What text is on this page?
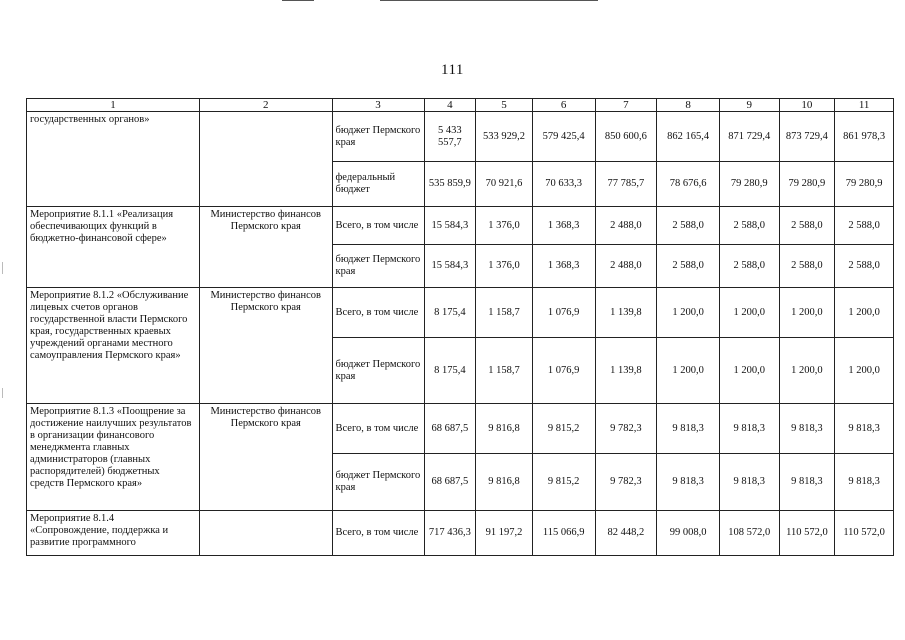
111
1	2	3	4	5	6	7	8	9	10	11
государственных органов»		бюджет Пермского края	5 433 557,7	533 929,2	579 425,4	850 600,6	862 165,4	871 729,4	873 729,4	861 978,3
		федеральный бюджет	535 859,9	70 921,6	70 633,3	77 785,7	78 676,6	79 280,9	79 280,9	79 280,9
Мероприятие 8.1.1 «Реализация обеспечивающих функций в бюджетно-финансовой сфере»	Министерство финансов Пермского края	Всего, в том числе	15 584,3	1 376,0	1 368,3	2 488,0	2 588,0	2 588,0	2 588,0	2 588,0
		бюджет Пермского края	15 584,3	1 376,0	1 368,3	2 488,0	2 588,0	2 588,0	2 588,0	2 588,0
Мероприятие 8.1.2 «Обслуживание лицевых счетов органов государственной власти Пермского края, государственных краевых учреждений органами местного самоуправления Пермского края»	Министерство финансов Пермского края	Всего, в том числе	8 175,4	1 158,7	1 076,9	1 139,8	1 200,0	1 200,0	1 200,0	1 200,0
		бюджет Пермского края	8 175,4	1 158,7	1 076,9	1 139,8	1 200,0	1 200,0	1 200,0	1 200,0
Мероприятие 8.1.3 «Поощрение за достижение наилучших результатов в организации финансового менеджмента главных администраторов (главных распорядителей) бюджетных средств Пермского края»	Министерство финансов Пермского края	Всего, в том числе	68 687,5	9 816,8	9 815,2	9 782,3	9 818,3	9 818,3	9 818,3	9 818,3
		бюджет Пермского края	68 687,5	9 816,8	9 815,2	9 782,3	9 818,3	9 818,3	9 818,3	9 818,3
Мероприятие 8.1.4 «Сопровождение, поддержка и развитие программного		Всего, в том числе	717 436,3	91 197,2	115 066,9	82 448,2	99 008,0	108 572,0	110 572,0	110 572,0
